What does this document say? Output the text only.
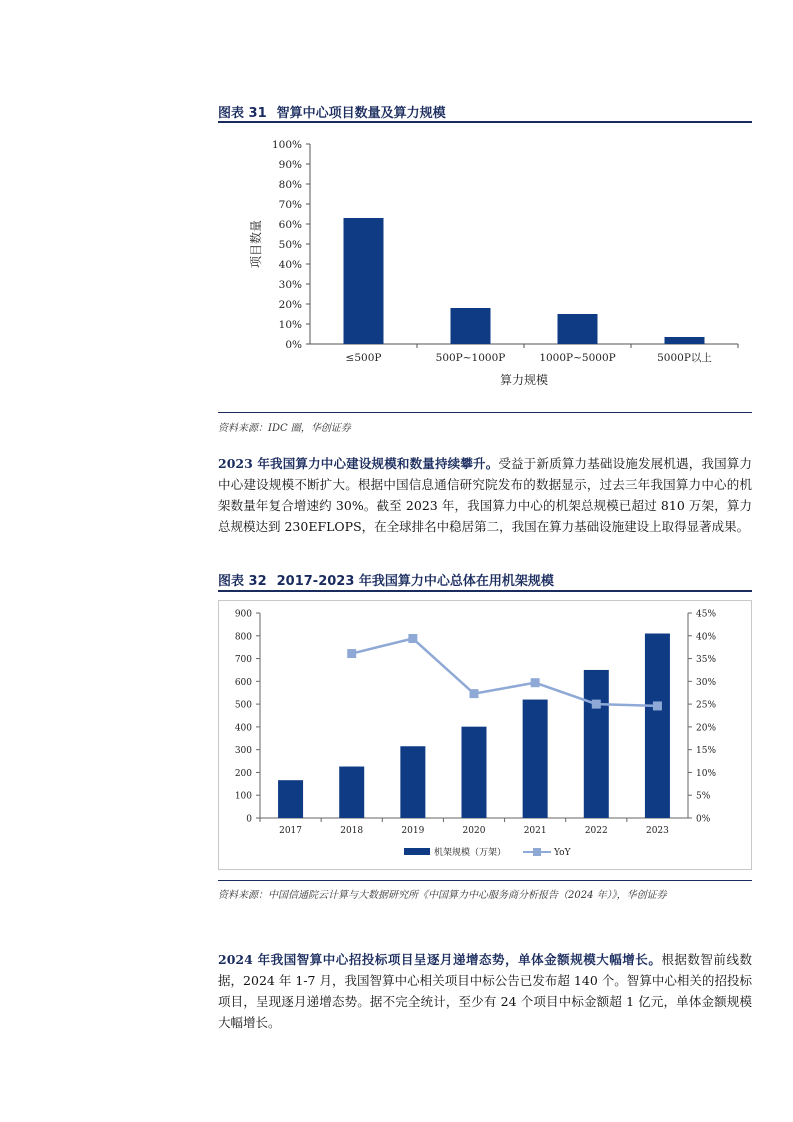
图表 31 智算中心项目数量及算力规模
0%
10%
20%
30%
40%
50%
60%
70%
80%
90%
100%
≤500P	500P~1000P	1000P~5000P	5000P以上
算力规模
项目数量
资料来源：IDC 圈，华创证券
2023 年我国算力中心建设规模和数量持续攀升。受益于新质算力基础设施发展机遇，我国算力中心建设规模不断扩大。根据中国信息通信研究院发布的数据显示，过去三年我国算力中心的机架数量年复合增速约 30%。截至 2023 年，我国算力中心的机架总规模已超过 810 万架，算力总规模达到 230EFLOPS，在全球排名中稳居第二，我国在算力基础设施建设上取得显著成果。
图表 32 2017-2023 年我国算力中心总体在用机架规模
0
100
200
300
400
500
600
700
800
900
0%
5%
10%
15%
20%
25%
30%
35%
40%
45%
2017	2018	2019	2020	2021	2022	2023
机架规模（万架）	YoY
资料来源：中国信通院云计算与大数据研究所《中国算力中心服务商分析报告（2024 年）》，华创证券
2024 年我国智算中心招投标项目呈逐月递增态势，单体金额规模大幅增长。根据数智前线数据，2024 年 1-7 月，我国智算中心相关项目中标公告已发布超 140 个。智算中心相关的招投标项目，呈现逐月递增态势。据不完全统计，至少有 24 个项目中标金额超 1 亿元，单体金额规模大幅增长。
